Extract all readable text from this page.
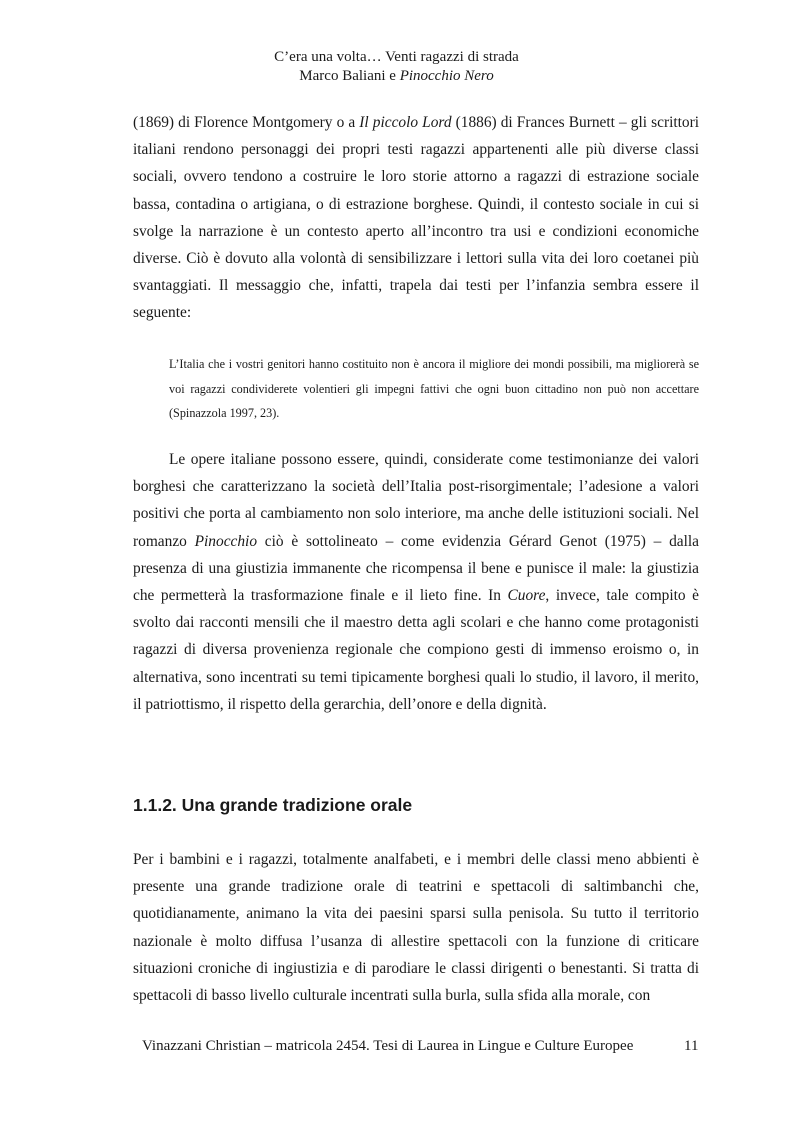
C’era una volta… Venti ragazzi di strada
Marco Baliani e Pinocchio Nero

(1869) di Florence Montgomery o a Il piccolo Lord (1886) di Frances Burnett – gli scrittori italiani rendono personaggi dei propri testi ragazzi appartenenti alle più diverse classi sociali, ovvero tendono a costruire le loro storie attorno a ragazzi di estrazione sociale bassa, contadina o artigiana, o di estrazione borghese. Quindi, il contesto sociale in cui si svolge la narrazione è un contesto aperto all’incontro tra usi e condizioni economiche diverse. Ciò è dovuto alla volontà di sensibilizzare i lettori sulla vita dei loro coetanei più svantaggiati. Il messaggio che, infatti, trapela dai testi per l’infanzia sembra essere il seguente:

L’Italia che i vostri genitori hanno costituito non è ancora il migliore dei mondi possibili, ma migliorerà se voi ragazzi condividerete volentieri gli impegni fattivi che ogni buon cittadino non può non accettare (Spinazzola 1997, 23).

Le opere italiane possono essere, quindi, considerate come testimonianze dei valori borghesi che caratterizzano la società dell’Italia post-risorgimentale; l’adesione a valori positivi che porta al cambiamento non solo interiore, ma anche delle istituzioni sociali. Nel romanzo Pinocchio ciò è sottolineato – come evidenzia Gérard Genot (1975) – dalla presenza di una giustizia immanente che ricompensa il bene e punisce il male: la giustizia che permetterà la trasformazione finale e il lieto fine. In Cuore, invece, tale compito è svolto dai racconti mensili che il maestro detta agli scolari e che hanno come protagonisti ragazzi di diversa provenienza regionale che compiono gesti di immenso eroismo o, in alternativa, sono incentrati su temi tipicamente borghesi quali lo studio, il lavoro, il merito, il patriottismo, il rispetto della gerarchia, dell’onore e della dignità.

1.1.2. Una grande tradizione orale

Per i bambini e i ragazzi, totalmente analfabeti, e i membri delle classi meno abbienti è presente una grande tradizione orale di teatrini e spettacoli di saltimbanchi che, quotidianamente, animano la vita dei paesini sparsi sulla penisola. Su tutto il territorio nazionale è molto diffusa l’usanza di allestire spettacoli con la funzione di criticare situazioni croniche di ingiustizia e di parodiare le classi dirigenti o benestanti. Si tratta di spettacoli di basso livello culturale incentrati sulla burla, sulla sfida alla morale, con

Vinazzani Christian – matricola 2454. Tesi di Laurea in Lingue e Culture Europee	11
